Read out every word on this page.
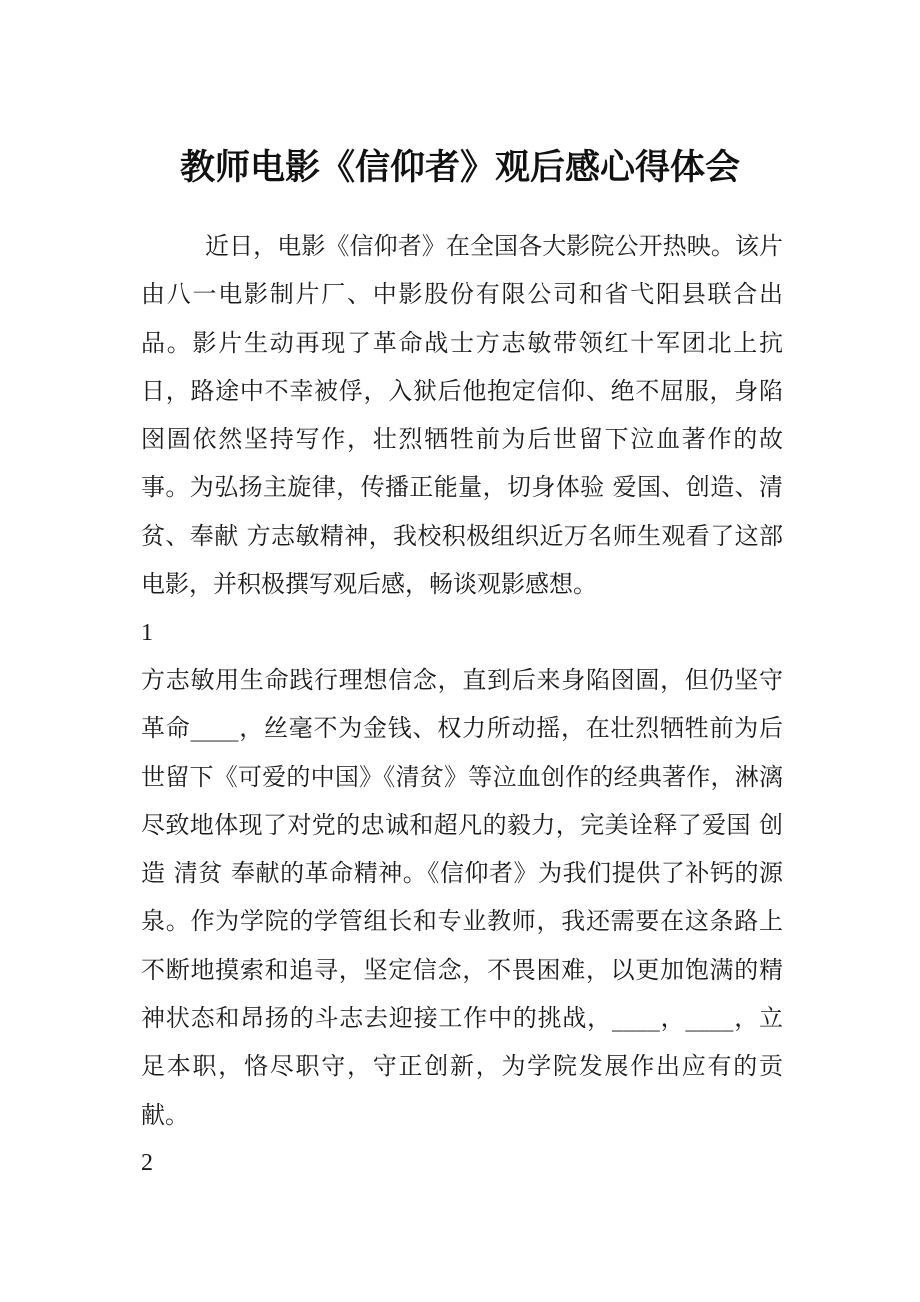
教师电影《信仰者》观后感心得体会

近日，电影《信仰者》在全国各大影院公开热映。该片由八一电影制片厂、中影股份有限公司和省弋阳县联合出品。影片生动再现了革命战士方志敏带领红十军团北上抗日，路途中不幸被俘，入狱后他抱定信仰、绝不屈服，身陷囹圄依然坚持写作，壮烈牺牲前为后世留下泣血著作的故事。为弘扬主旋律，传播正能量，切身体验 爱国、创造、清贫、奉献 方志敏精神，我校积极组织近万名师生观看了这部电影，并积极撰写观后感，畅谈观影感想。

1

方志敏用生命践行理想信念，直到后来身陷囹圄，但仍坚守革命____，丝毫不为金钱、权力所动摇，在壮烈牺牲前为后世留下《可爱的中国》《清贫》等泣血创作的经典著作，淋漓尽致地体现了对党的忠诚和超凡的毅力，完美诠释了爱国 创造 清贫 奉献的革命精神。《信仰者》为我们提供了补钙的源泉。作为学院的学管组长和专业教师，我还需要在这条路上不断地摸索和追寻，坚定信念，不畏困难，以更加饱满的精神状态和昂扬的斗志去迎接工作中的挑战，____，____，立足本职，恪尽职守，守正创新，为学院发展作出应有的贡献。

2
